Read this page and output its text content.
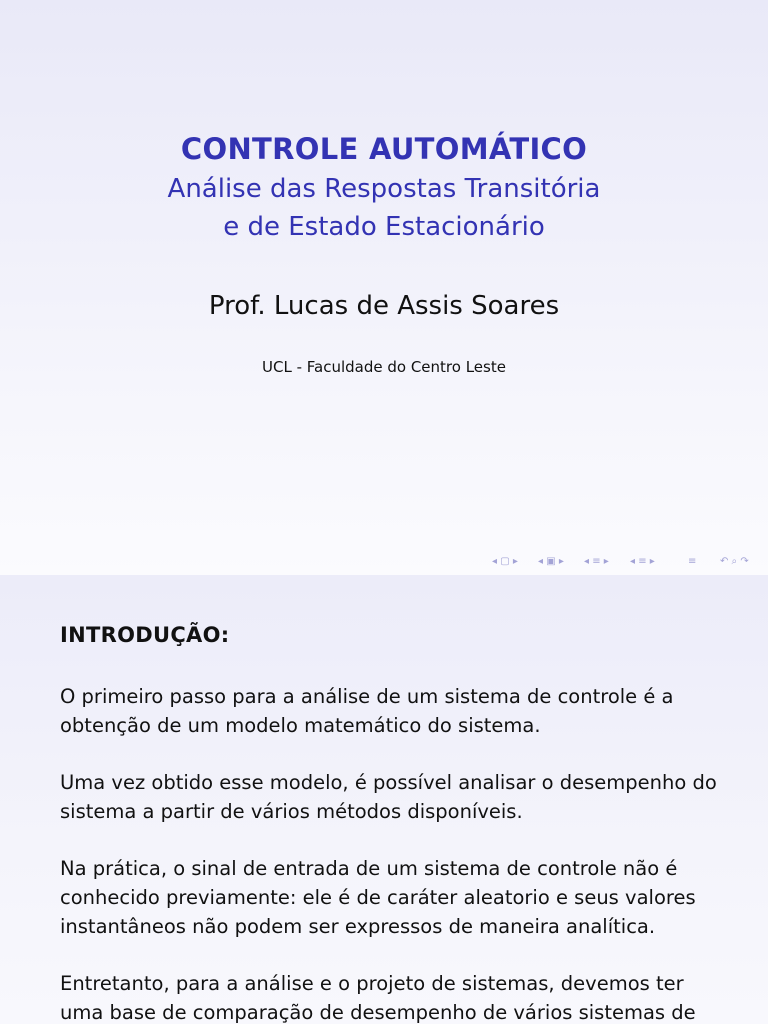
CONTROLE AUTOMÁTICO
Análise das Respostas Transitória
e de Estado Estacionário
Prof. Lucas de Assis Soares
UCL - Faculdade do Centro Leste
◂ ▢ ▸ ◂ ▣ ▸ ◂ ≡ ▸ ◂ ≡ ▸	≡ ↶ ⌕ ↷
INTRODUÇÃO:
O primeiro passo para a análise de um sistema de controle é a obtenção de um modelo matemático do sistema.
Uma vez obtido esse modelo, é possível analisar o desempenho do sistema a partir de vários métodos disponíveis.
Na prática, o sinal de entrada de um sistema de controle não é conhecido previamente: ele é de caráter aleatorio e seus valores instantâneos não podem ser expressos de maneira analítica.
Entretanto, para a análise e o projeto de sistemas, devemos ter uma base de comparação de desempenho de vários sistemas de
